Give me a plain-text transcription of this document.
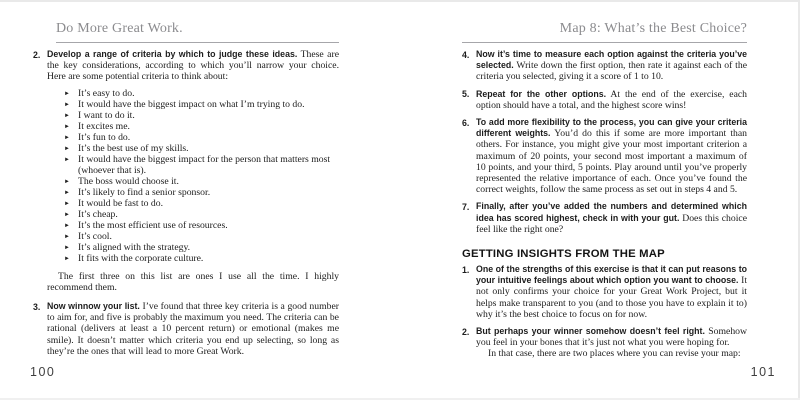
Do More Great Work.
2. Develop a range of criteria by which to judge these ideas. These are the key considerations, according to which you’ll narrow your choice. Here are some potential criteria to think about:
► It’s easy to do.
► It would have the biggest impact on what I’m trying to do.
► I want to do it.
► It excites me.
► It’s fun to do.
► It’s the best use of my skills.
► It would have the biggest impact for the person that matters most (whoever that is).
► The boss would choose it.
► It’s likely to find a senior sponsor.
► It would be fast to do.
► It’s cheap.
► It’s the most efficient use of resources.
► It’s cool.
► It’s aligned with the strategy.
► It fits with the corporate culture.

The first three on this list are ones I use all the time. I highly recommend them.

3. Now winnow your list. I’ve found that three key criteria is a good number to aim for, and five is probably the maximum you need. The criteria can be rational (delivers at least a 10 percent return) or emotional (makes me smile). It doesn’t matter which criteria you end up selecting, so long as they’re the ones that will lead to more Great Work.
Map 8: What’s the Best Choice?
4. Now it’s time to measure each option against the criteria you’ve selected. Write down the first option, then rate it against each of the criteria you selected, giving it a score of 1 to 10.
5. Repeat for the other options. At the end of the exercise, each option should have a total, and the highest score wins!
6. To add more flexibility to the process, you can give your criteria different weights. You’d do this if some are more important than others. For instance, you might give your most important criterion a maximum of 20 points, your second most important a maximum of 10 points, and your third, 5 points. Play around until you’ve properly represented the relative importance of each. Once you’ve found the correct weights, follow the same process as set out in steps 4 and 5.
7. Finally, after you’ve added the numbers and determined which idea has scored highest, check in with your gut. Does this choice feel like the right one?
GETTING INSIGHTS FROM THE MAP
1. One of the strengths of this exercise is that it can put reasons to your intuitive feelings about which option you want to choose. It not only confirms your choice for your Great Work Project, but it helps make transparent to you (and to those you have to explain it to) why it’s the best choice to focus on for now.
2. But perhaps your winner somehow doesn’t feel right. Somehow you feel in your bones that it’s just not what you were hoping for.
In that case, there are two places where you can revise your map:
100	101
